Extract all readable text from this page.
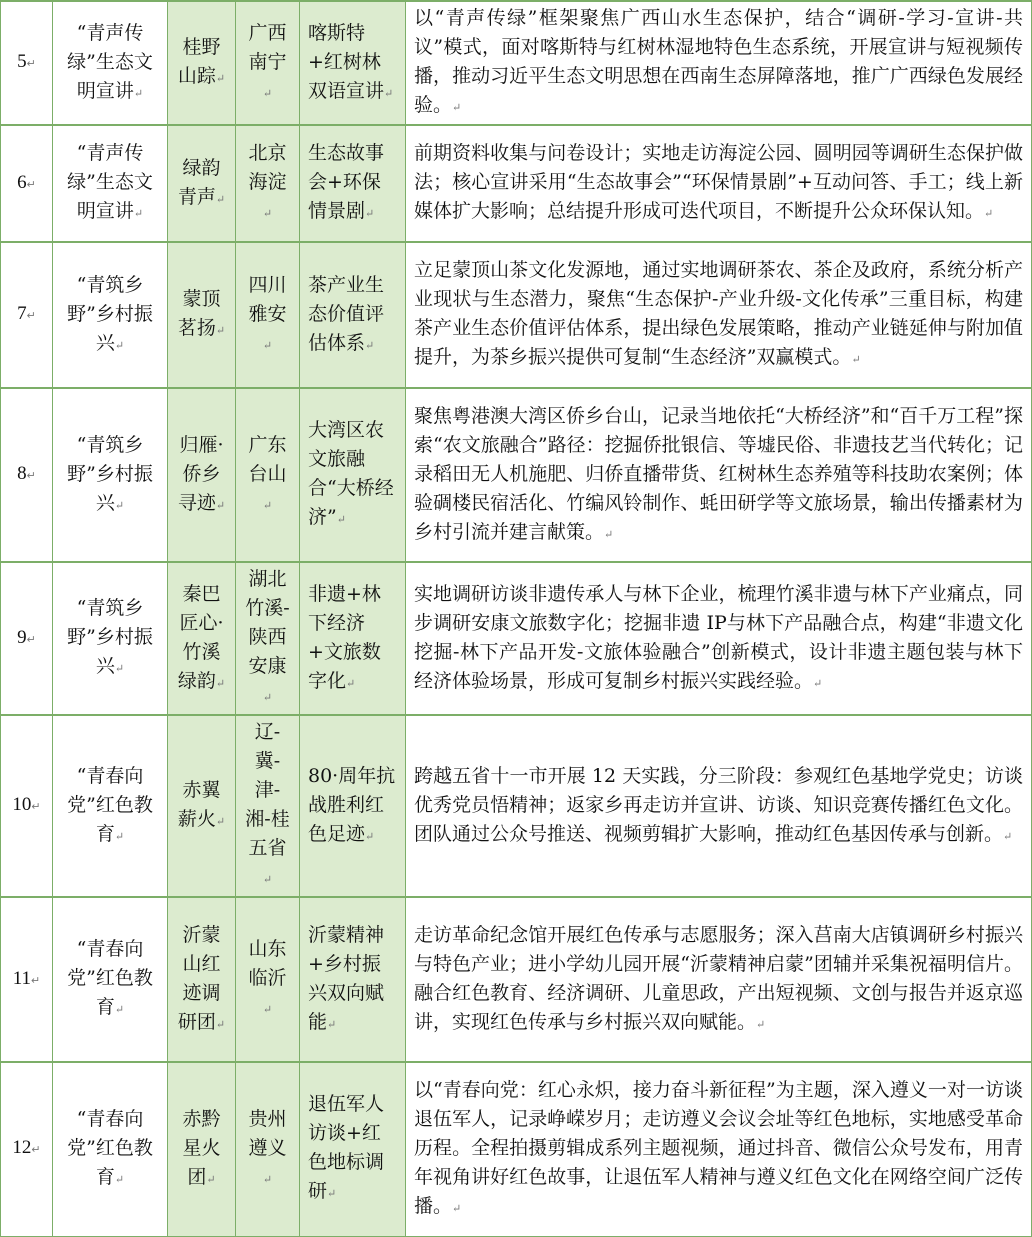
5↵	“青声传绿”生态文明宣讲↵	桂野山踪↵	广西南宁↵	喀斯特+红树林双语宣讲↵	以“青声传绿”框架聚焦广西山水生态保护，结合“调研-学习-宣讲-共议”模式，面对喀斯特与红树林湿地特色生态系统，开展宣讲与短视频传播，推动习近平生态文明思想在西南生态屏障落地，推广广西绿色发展经验。↵
6↵	“青声传绿”生态文明宣讲↵	绿韵青声↵	北京海淀↵	生态故事会+环保情景剧↵	前期资料收集与问卷设计；实地走访海淀公园、圆明园等调研生态保护做法；核心宣讲采用“生态故事会”“环保情景剧”+互动问答、手工；线上新媒体扩大影响；总结提升形成可迭代项目，不断提升公众环保认知。↵
7↵	“青筑乡野”乡村振兴↵	蒙顶茗扬↵	四川雅安↵	茶产业生态价值评估体系↵	立足蒙顶山茶文化发源地，通过实地调研茶农、茶企及政府，系统分析产业现状与生态潜力，聚焦“生态保护-产业升级-文化传承”三重目标，构建茶产业生态价值评估体系，提出绿色发展策略，推动产业链延伸与附加值提升，为茶乡振兴提供可复制“生态经济”双赢模式。↵
8↵	“青筑乡野”乡村振兴↵	归雁·侨乡寻迹↵	广东台山↵	大湾区农文旅融合“大桥经济”↵	聚焦粤港澳大湾区侨乡台山，记录当地依托“大桥经济”和“百千万工程”探索“农文旅融合”路径：挖掘侨批银信、等墟民俗、非遗技艺当代转化；记录稻田无人机施肥、归侨直播带货、红树林生态养殖等科技助农案例；体验碉楼民宿活化、竹编风铃制作、蚝田研学等文旅场景，输出传播素材为乡村引流并建言献策。↵
9↵	“青筑乡野”乡村振兴↵	秦巴匠心·竹溪绿韵↵	湖北竹溪-陕西安康↵	非遗+林下经济+文旅数字化↵	实地调研访谈非遗传承人与林下企业，梳理竹溪非遗与林下产业痛点，同步调研安康文旅数字化；挖掘非遗 IP与林下产品融合点，构建“非遗文化挖掘-林下产品开发-文旅体验融合”创新模式，设计非遗主题包装与林下经济体验场景，形成可复制乡村振兴实践经验。↵
10↵	“青春向党”红色教育↵	赤翼薪火↵	辽-冀-津-湘-桂五省↵	80·周年抗战胜利红色足迹↵	跨越五省十一市开展 12 天实践，分三阶段：参观红色基地学党史；访谈优秀党员悟精神；返家乡再走访并宣讲、访谈、知识竞赛传播红色文化。团队通过公众号推送、视频剪辑扩大影响，推动红色基因传承与创新。↵
11↵	“青春向党”红色教育↵	沂蒙山红迹调研团↵	山东临沂↵	沂蒙精神+乡村振兴双向赋能↵	走访革命纪念馆开展红色传承与志愿服务；深入莒南大店镇调研乡村振兴与特色产业；进小学幼儿园开展“沂蒙精神启蒙”团辅并采集祝福明信片。融合红色教育、经济调研、儿童思政，产出短视频、文创与报告并返京巡讲，实现红色传承与乡村振兴双向赋能。↵
12↵	“青春向党”红色教育↵	赤黔星火团↵	贵州遵义↵	退伍军人访谈+红色地标调研↵	以“青春向党：红心永炽，接力奋斗新征程”为主题，深入遵义一对一访谈退伍军人，记录峥嵘岁月；走访遵义会议会址等红色地标，实地感受革命历程。全程拍摄剪辑成系列主题视频，通过抖音、微信公众号发布，用青年视角讲好红色故事，让退伍军人精神与遵义红色文化在网络空间广泛传播。↵
